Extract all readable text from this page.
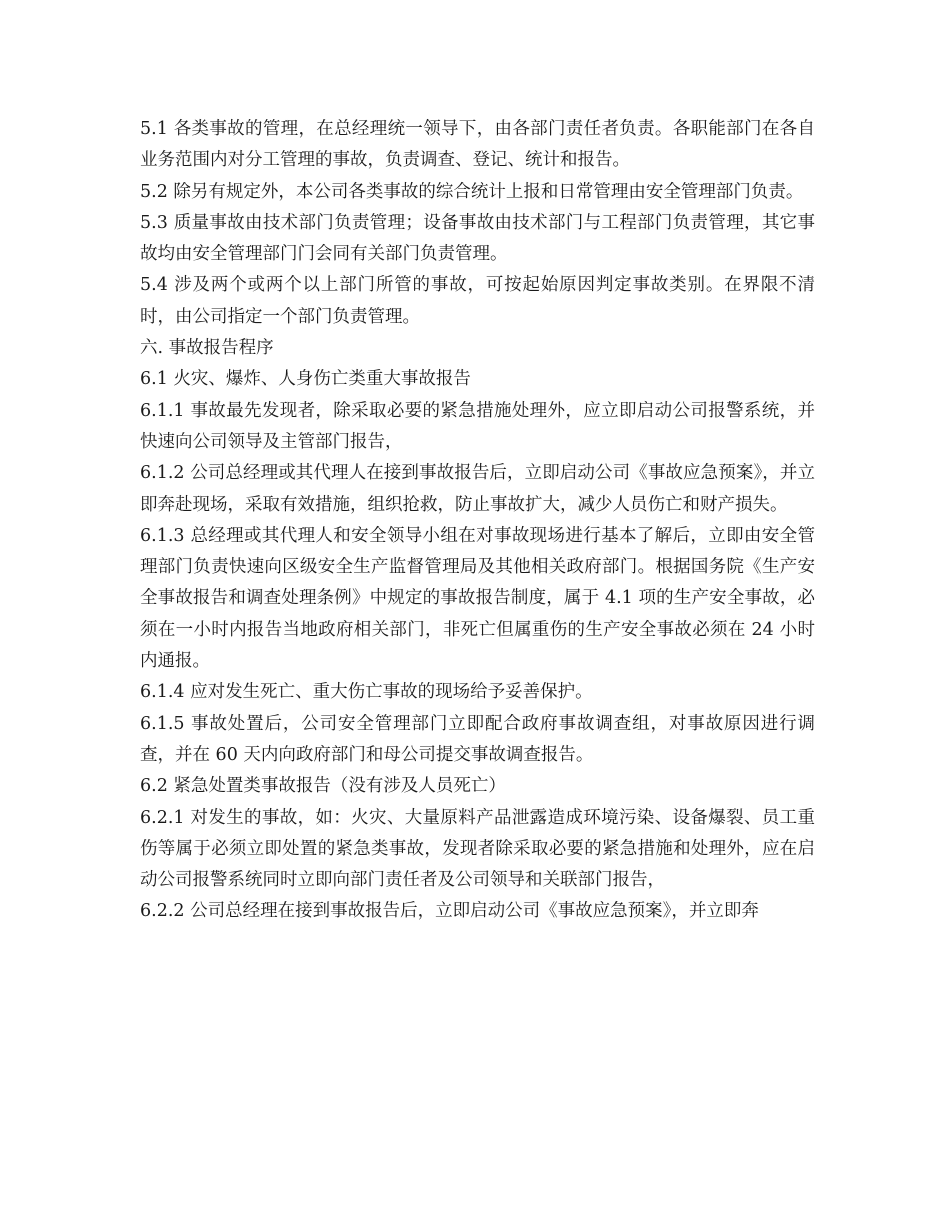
5.1 各类事故的管理，在总经理统一领导下，由各部门责任者负责。各职能部门在各自业务范围内对分工管理的事故，负责调查、登记、统计和报告。

5.2 除另有规定外，本公司各类事故的综合统计上报和日常管理由安全管理部门负责。

5.3 质量事故由技术部门负责管理；设备事故由技术部门与工程部门负责管理，其它事故均由安全管理部门门会同有关部门负责管理。

5.4 涉及两个或两个以上部门所管的事故，可按起始原因判定事故类别。在界限不清时，由公司指定一个部门负责管理。

六. 事故报告程序

6.1 火灾、爆炸、人身伤亡类重大事故报告

6.1.1 事故最先发现者，除采取必要的紧急措施处理外，应立即启动公司报警系统，并快速向公司领导及主管部门报告，

6.1.2 公司总经理或其代理人在接到事故报告后，立即启动公司《事故应急预案》，并立即奔赴现场，采取有效措施，组织抢救，防止事故扩大，减少人员伤亡和财产损失。

6.1.3 总经理或其代理人和安全领导小组在对事故现场进行基本了解后，立即由安全管理部门负责快速向区级安全生产监督管理局及其他相关政府部门。根据国务院《生产安全事故报告和调查处理条例》中规定的事故报告制度，属于 4.1 项的生产安全事故，必须在一小时内报告当地政府相关部门，非死亡但属重伤的生产安全事故必须在 24 小时内通报。

6.1.4 应对发生死亡、重大伤亡事故的现场给予妥善保护。

6.1.5 事故处置后，公司安全管理部门立即配合政府事故调查组，对事故原因进行调查，并在 60 天内向政府部门和母公司提交事故调查报告。

6.2 紧急处置类事故报告（没有涉及人员死亡）

6.2.1 对发生的事故，如：火灾、大量原料产品泄露造成环境污染、设备爆裂、员工重伤等属于必须立即处置的紧急类事故，发现者除采取必要的紧急措施和处理外，应在启动公司报警系统同时立即向部门责任者及公司领导和关联部门报告，

6.2.2 公司总经理在接到事故报告后，立即启动公司《事故应急预案》，并立即奔
